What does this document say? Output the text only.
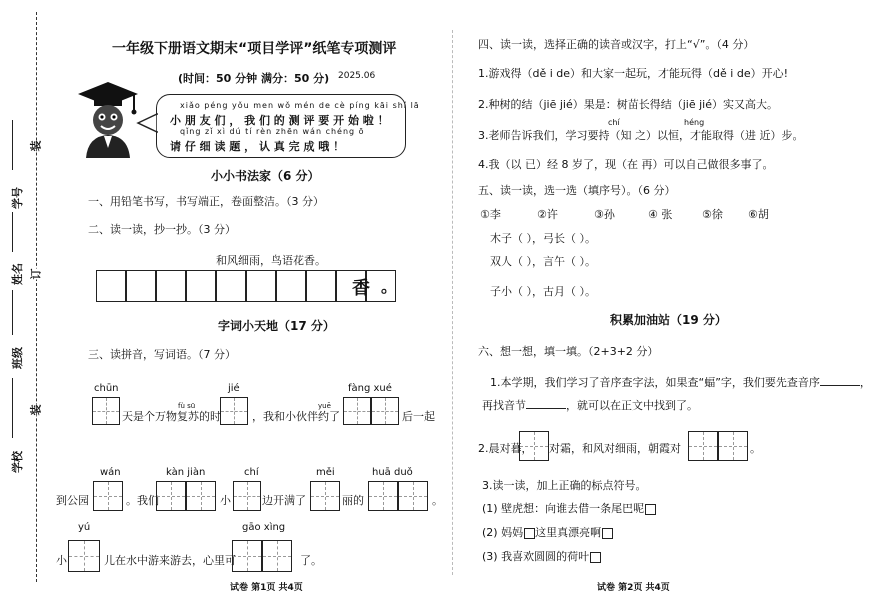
学号
装
姓名 订
班级
装
学校
一年级下册语文期末“项目学评”纸笔专项测评
(时间：50 分钟 满分：50 分) 2025.06
xiǎo péng yǒu men wǒ mén de cè píng kāi shǐ lā
小 朋 友 们 ， 我 们 的 测 评 要 开 始 啦 ！
qǐng zǐ xì dú tí rèn zhēn wán chéng ō
请 仔 细 读 题 ， 认 真 完 成 哦 ！
小小书法家（6 分）
一、用铅笔书写，书写端正，卷面整洁。（3 分）
二、读一读，抄一抄。（3 分）
和风细雨，鸟语花香。
香 。
字词小天地（17 分）
三、读拼音，写词语。（7 分）
chūn	jié	fàng xué
fù sū	yuē
天是个万物复苏的时	，我和小伙伴约了	后一起
wán	kàn jiàn	chí	měi	huā duǒ
到公园	。我们	小	边开满了	丽的	。
yú	gāo xìng
小	儿在水中游来游去，心里可	了。
试卷 第1页 共4页
四、读一读，选择正确的读音或汉字，打上“√”。（4 分）
1.游戏得（dě i de）和大家一起玩，才能玩得（dě i de）开心!
2.种树的结（jiē jié）果是：树苗长得结（jiē jié）实又高大。
chí	héng
3.老师告诉我们，学习要持（知 之）以恒，才能取得（进 近）步。
4.我（以 已）经 8 岁了，现（在 再）可以自己做很多事了。
五、读一读，选一选（填序号）。（6 分）
①李	②许	③孙	④ 张	⑤徐 ⑥胡
木子（ ），弓长（ ）。
双人（ ），言午（ ）。
子小（ ），古月（ ）。
积累加油站（19 分）
六、想一想，填一填。（2+3+2 分）
1.本学期，我们学习了音序查字法，如果查“蝠”字，我们要先查音序	，
再找音节	，就可以在正文中找到了。
2.晨对暮， 对霜，和风对细雨，朝霞对	。
3.读一读，加上正确的标点符号。
(1) 壁虎想：向谁去借一条尾巴呢
(2) 妈妈 这里真漂亮啊
(3) 我喜欢圆圆的荷叶
试卷 第2页 共4页
